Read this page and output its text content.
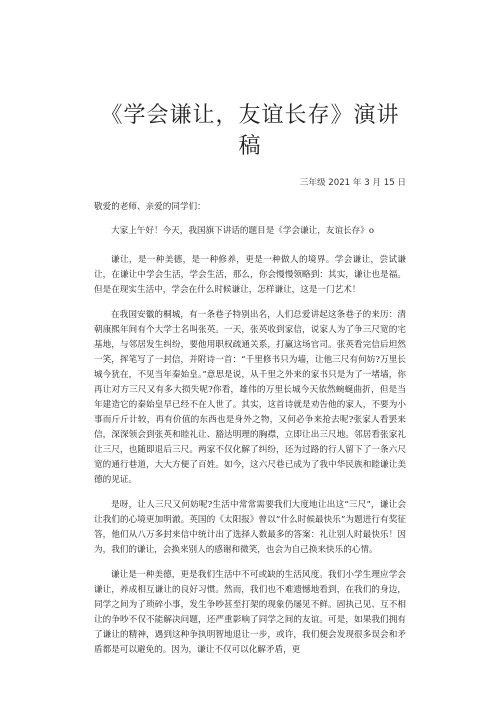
《学会谦让，友谊长存》演讲稿
三年级 2021 年 3 月 15 日
敬爱的老师、亲爱的同学们：

大家上午好！今天，我国旗下讲话的题目是《学会谦让，友谊长存》o

谦让，是一种美德，是一种修养，更是一种做人的境界。学会谦让，尝试谦让，在谦让中学会生活，学会生活，那么，你会慢慢领略到：其实，谦让也是福。但是在现实生活中，学会在什么时候谦让，怎样谦让，这是一门艺术！

在我国安徽的桐城，有一条巷子特别出名，人们总爱讲起这条巷子的来历：清朝康熙年间有个大学士名叫张英。一天，张英收到家信，说家人为了争三尺宽的宅基地，与邻居发生纠纷，要他用职权疏通关系，打赢这场官司。张英看完信后坦然一笑，挥笔写了一封信，并附诗一首：“千里修书只为墙，让他三尺有何妨?万里长城今犹在，不见当年秦始皇。”意思是说，从千里之外来的家书只是为了一堵墙，你再让对方三尺又有多大损失呢?你看，雄伟的万里长城今天依然蜿蜒曲折，但是当年建造它的秦始皇早已经不在人世了。其实，这首诗就是劝告他的家人，不要为小事而斤斤计较，再有价值的东西也是身外之物，又何必争来抢去呢?张家人看罢来信，深深领会到张英和睦礼让、豁达明理的胸襟，立即让出三尺地。邻居看张家礼让三尺，也随即退后三尺。两家不仅化解了纠纷，还为过路的行人留下了一条六尺宽的通行巷道，大大方便了百姓。如今，这六尺巷已成为了我中华民族和睦谦让美德的见证。

是呀，让人三尺又何妨呢?生活中常常需要我们大度地让出这“三尺”，谦让会让我们的心境更加明澈。英国的《太阳报》曾以“什么时候最快乐”为题进行有奖征答，他们从八万多封来信中统计出了选择人数最多的答案：礼让别人时最快乐！因为，我们的谦让，会换来别人的感谢和微笑，也会为自己换来快乐的心情。

谦让是一种美德，更是我们生活中不可或缺的生活风度。我们小学生理应学会谦让，养成相互谦让的良好习惯。然而，我们也不难遗憾地看到，在我们的身边，同学之间为了琐碎小事，发生争吵甚至打架的现象仍屡见不鲜。固执己见、互不相让的争吵不仅不能解决问题，还严重影响了同学之间的友谊。可是，如果我们拥有了谦让的精神，遇到这种争执明智地退让一步，或许，我们便会发现很多误会和矛盾都是可以避免的。因为，谦让不仅可以化解矛盾，更
